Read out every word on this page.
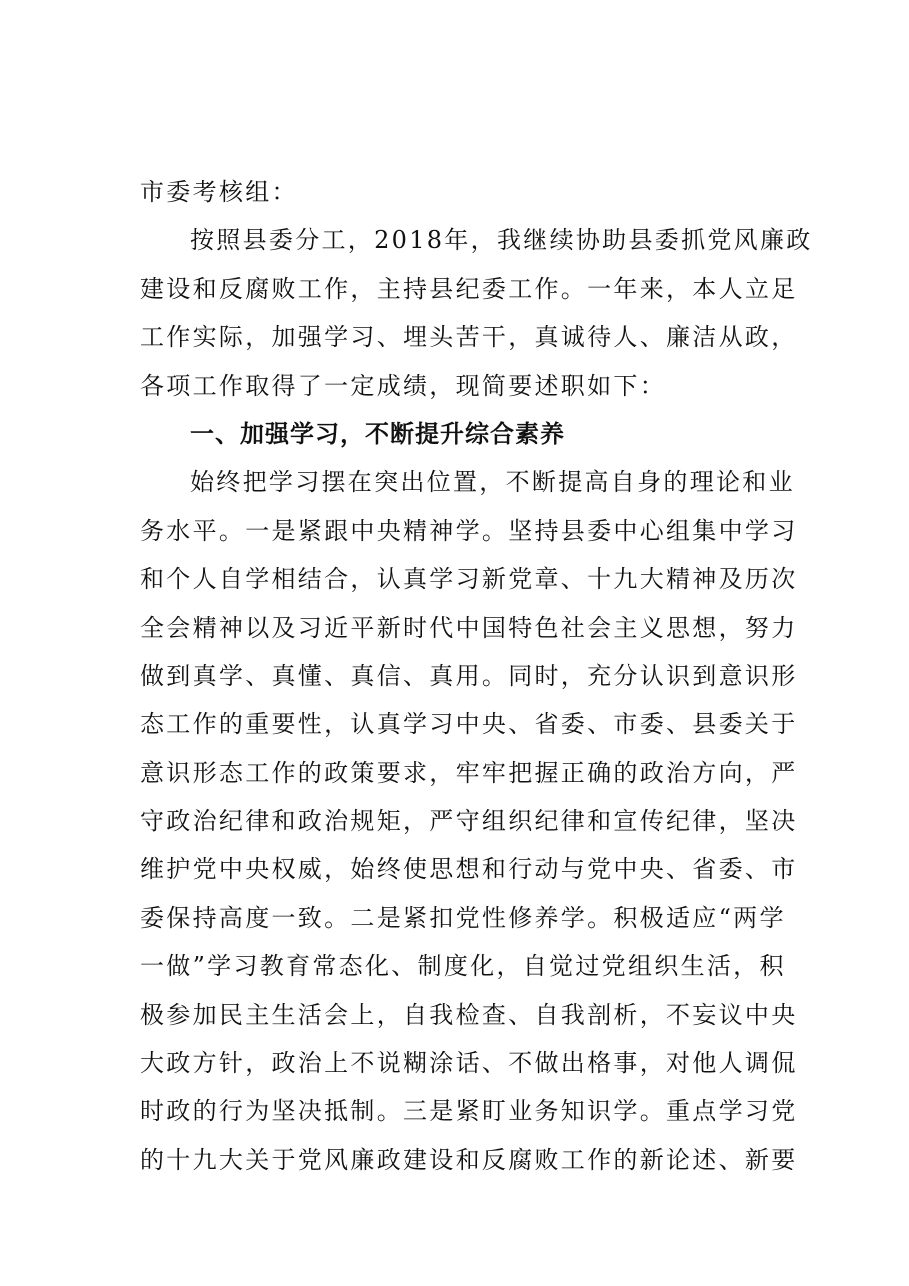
市委考核组：
按照县委分工，2018年，我继续协助县委抓党风廉政
建设和反腐败工作，主持县纪委工作。一年来，本人立足
工作实际，加强学习、埋头苦干，真诚待人、廉洁从政，
各项工作取得了一定成绩，现简要述职如下：
一、加强学习，不断提升综合素养
始终把学习摆在突出位置，不断提高自身的理论和业
务水平。一是紧跟中央精神学。坚持县委中心组集中学习
和个人自学相结合，认真学习新党章、十九大精神及历次
全会精神以及习近平新时代中国特色社会主义思想，努力
做到真学、真懂、真信、真用。同时，充分认识到意识形
态工作的重要性，认真学习中央、省委、市委、县委关于
意识形态工作的政策要求，牢牢把握正确的政治方向，严
守政治纪律和政治规矩，严守组织纪律和宣传纪律，坚决
维护党中央权威，始终使思想和行动与党中央、省委、市
委保持高度一致。二是紧扣党性修养学。积极适应“两学
一做”学习教育常态化、制度化，自觉过党组织生活，积
极参加民主生活会上，自我检查、自我剖析，不妄议中央
大政方针，政治上不说糊涂话、不做出格事，对他人调侃
时政的行为坚决抵制。三是紧盯业务知识学。重点学习党
的十九大关于党风廉政建设和反腐败工作的新论述、新要
